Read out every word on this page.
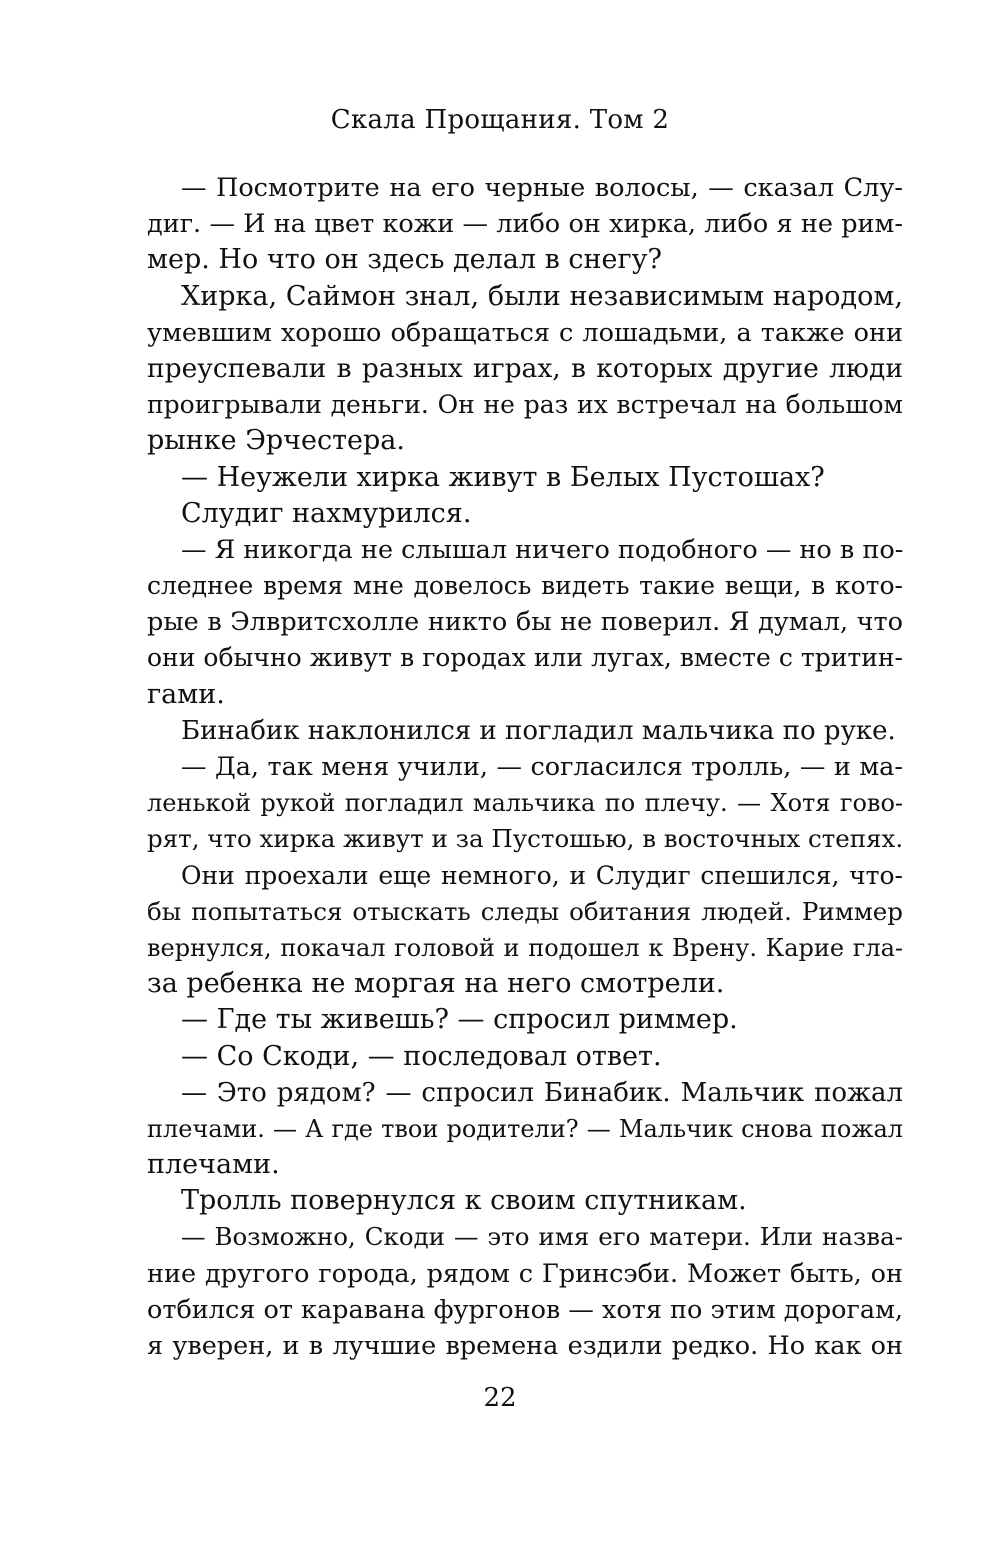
Скала Прощания. Том 2
— Посмотрите на его черные волосы, — сказал Слу-
диг. — И на цвет кожи — либо он хирка, либо я не рим-
мер. Но что он здесь делал в снегу?
Хирка, Саймон знал, были независимым народом,
умевшим хорошо обращаться с лошадьми, а также они
преуспевали в разных играх, в которых другие люди
проигрывали деньги. Он не раз их встречал на большом
рынке Эрчестера.
— Неужели хирка живут в Белых Пустошах?
Слудиг нахмурился.
— Я никогда не слышал ничего подобного — но в по-
следнее время мне довелось видеть такие вещи, в кото-
рые в Элвритсхолле никто бы не поверил. Я думал, что
они обычно живут в городах или лугах, вместе с тритин-
гами.
Бинабик наклонился и погладил мальчика по руке.
— Да, так меня учили, — согласился тролль, — и ма-
ленькой рукой погладил мальчика по плечу. — Хотя гово-
рят, что хирка живут и за Пустошью, в восточных степях.
Они проехали еще немного, и Слудиг спешился, что-
бы попытаться отыскать следы обитания людей. Риммер
вернулся, покачал головой и подошел к Врену. Карие гла-
за ребенка не моргая на него смотрели.
— Где ты живешь? — спросил риммер.
— Со Скоди, — последовал ответ.
— Это рядом? — спросил Бинабик. Мальчик пожал
плечами. — А где твои родители? — Мальчик снова пожал
плечами.
Тролль повернулся к своим спутникам.
— Возможно, Скоди — это имя его матери. Или назва-
ние другого города, рядом с Гринсэби. Может быть, он
отбился от каравана фургонов — хотя по этим дорогам,
я уверен, и в лучшие времена ездили редко. Но как он
22
